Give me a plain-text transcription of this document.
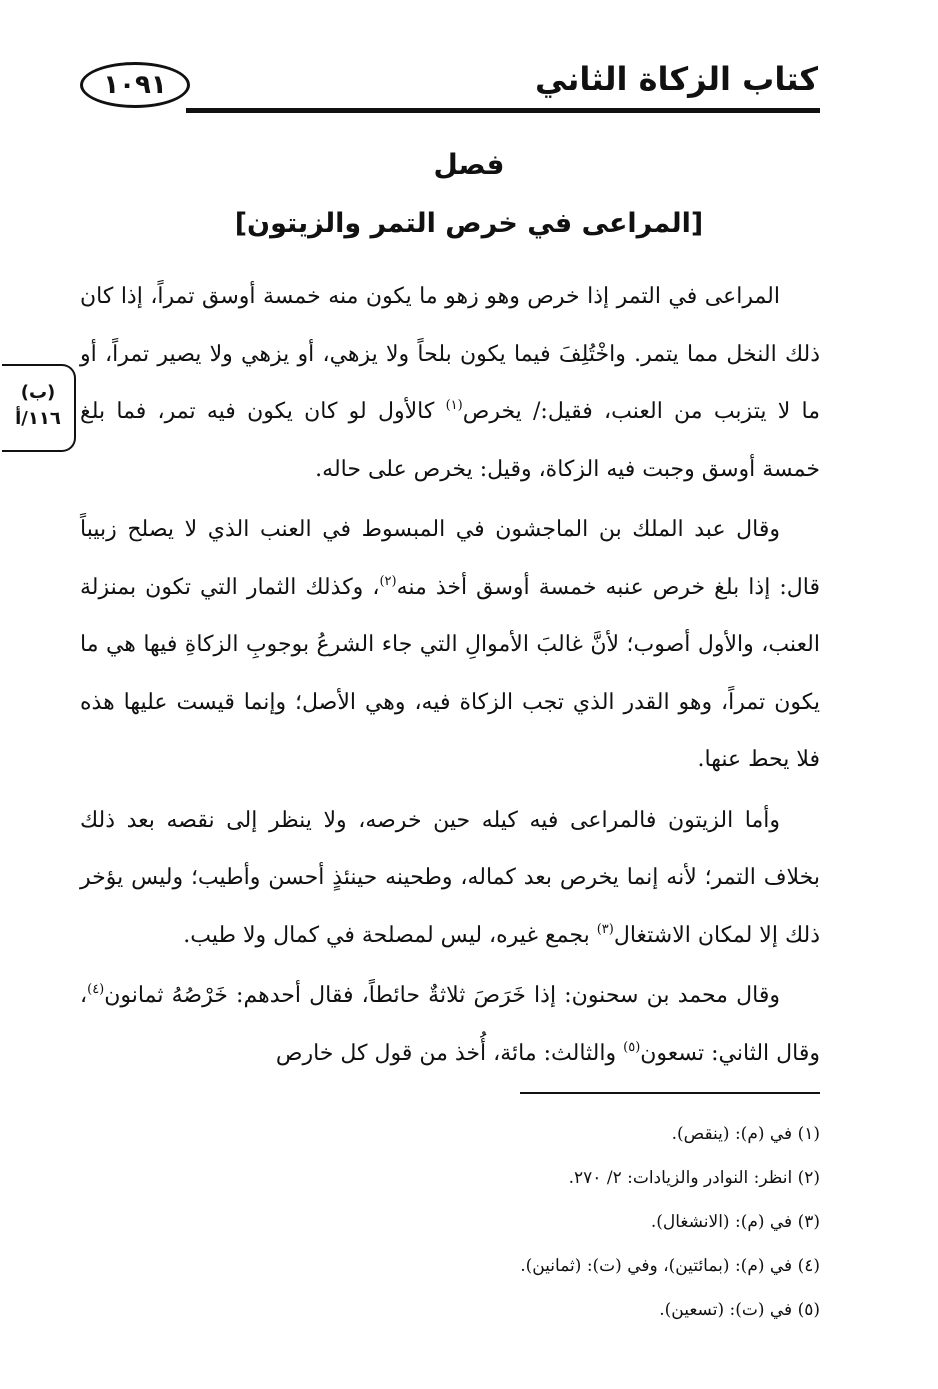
كتاب الزكاة الثاني
١٠٩١
فصل
[المراعى في خرص التمر والزيتون]
(ب)
١١٦/أ

المراعى في التمر إذا خرص وهو زهو ما يكون منه خمسة أوسق تمراً، إذا كان ذلك النخل مما يتمر. واخْتُلِفَ فيما يكون بلحاً ولا يزهي، أو يزهي ولا يصير تمراً، أو ما لا يتزبب من العنب، فقيل:/ يخرص$^{(١)}$ كالأول لو كان يكون فيه تمر، فما بلغ خمسة أوسق وجبت فيه الزكاة، وقيل: يخرص على حاله.

وقال عبد الملك بن الماجشون في المبسوط في العنب الذي لا يصلح زبيباً قال: إذا بلغ خرص عنبه خمسة أوسق أخذ منه$^{(٢)}$، وكذلك الثمار التي تكون بمنزلة العنب، والأول أصوب؛ لأنَّ غالبَ الأموالِ التي جاء الشرعُ بوجوبِ الزكاةِ فيها هي ما يكون تمراً، وهو القدر الذي تجب الزكاة فيه، وهي الأصل؛ وإنما قيست عليها هذه فلا يحط عنها.

وأما الزيتون فالمراعى فيه كيله حين خرصه، ولا ينظر إلى نقصه بعد ذلك بخلاف التمر؛ لأنه إنما يخرص بعد كماله، وطحينه حينئذٍ أحسن وأطيب؛ وليس يؤخر ذلك إلا لمكان الاشتغال$^{(٣)}$ بجمع غيره، ليس لمصلحة في كمال ولا طيب.

وقال محمد بن سحنون: إذا خَرَصَ ثلاثةٌ حائطاً، فقال أحدهم: خَرْصُهُ ثمانون$^{(٤)}$، وقال الثاني: تسعون$^{(٥)}$ والثالث: مائة، أُخذ من قول كل خارص

(١) في (م): (ينقص).
(٢) انظر: النوادر والزيادات: ٢/ ٢٧٠.
(٣) في (م): (الانشغال).
(٤) في (م): (بمائتين)، وفي (ت): (ثمانين).
(٥) في (ت): (تسعين).
